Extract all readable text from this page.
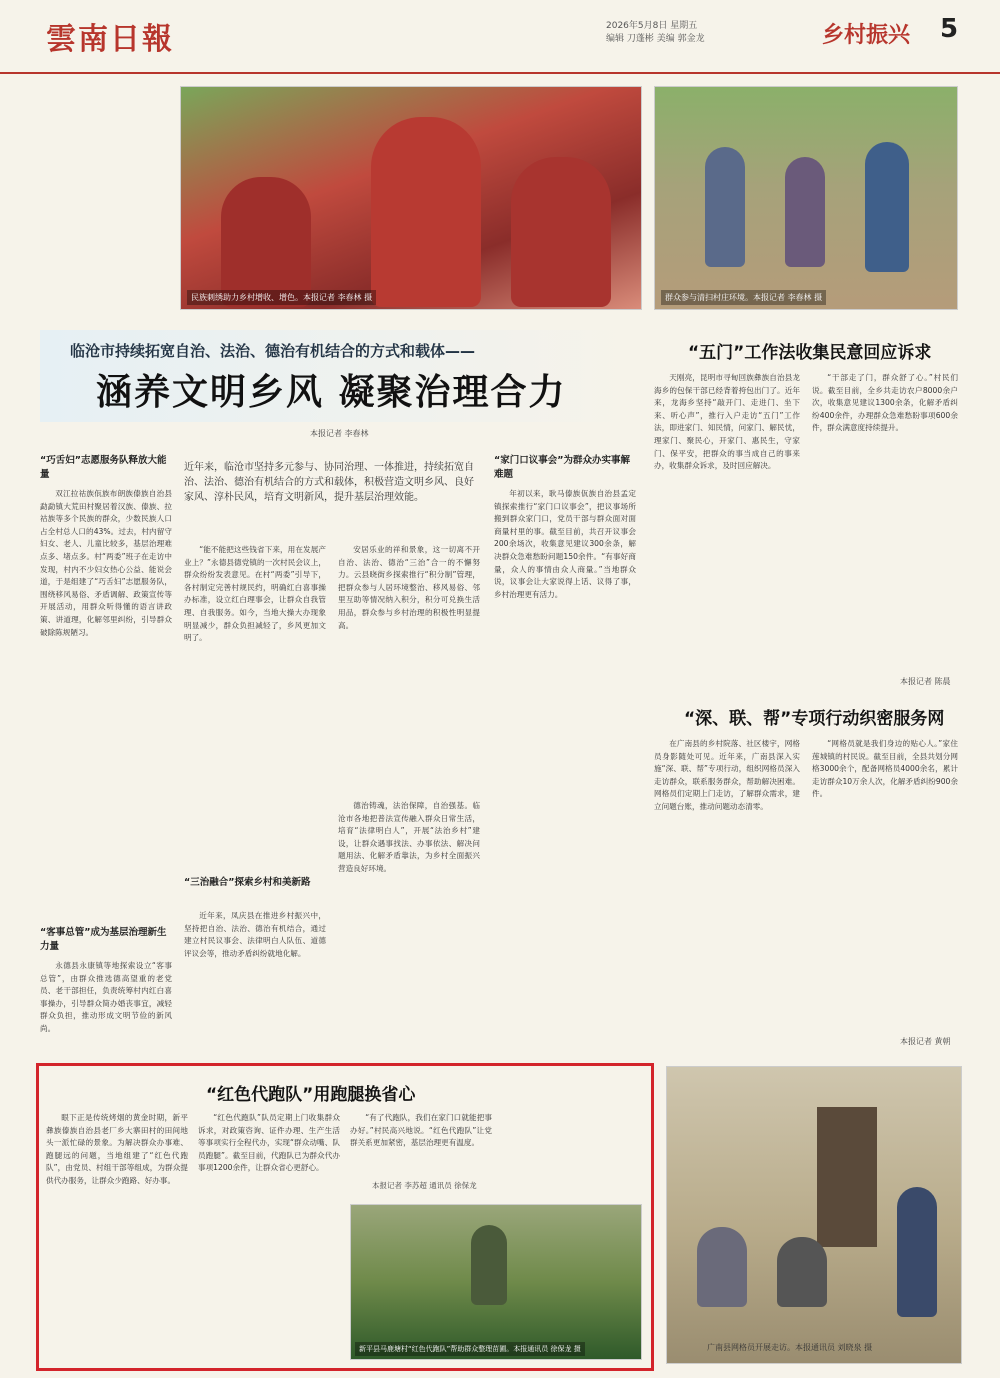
雲南日報	2026年5月8日 星期五
编辑 刀蓬彬 美编 郭金龙	乡村振兴 5
民族刺绣助力乡村增收、增色。本报记者 李春林 摄	群众参与清扫村庄环境。本报记者 李春林 摄
临沧市持续拓宽自治、法治、德治有机结合的方式和载体——
涵养文明乡风 凝聚治理合力
本报记者 李春林
近年来，临沧市坚持多元参与、协同治理、一体推进，持续拓宽自治、法治、德治有机结合的方式和载体，积极营造文明乡风、良好家风、淳朴民风，培育文明新风，提升基层治理效能。
“巧舌妇”志愿服务队释放大能量

双江拉祜族佤族布朗族傣族自治县勐勐镇大荒田村聚居着汉族、傣族、拉祜族等多个民族的群众，少数民族人口占全村总人口的43%。过去，村内留守妇女、老人、儿童比较多，基层治理难点多、堵点多。村“两委”班子在走访中发现，村内不少妇女热心公益、能说会道，于是组建了“巧舌妇”志愿服务队，围绕移风易俗、矛盾调解、政策宣传等开展活动，用群众听得懂的语言讲政策、讲道理，化解邻里纠纷，引导群众破除陈规陋习。

“客事总管”成为基层治理新生力量

永德县永康镇等地探索设立“客事总管”，由群众推选德高望重的老党员、老干部担任，负责统筹村内红白喜事操办，引导群众简办婚丧事宜，减轻群众负担，推动形成文明节俭的新风尚。

“能不能把这些钱省下来，用在发展产业上？”永德县德党镇的一次村民会议上，群众纷纷发表意见。在村“两委”引导下，各村制定完善村规民约，明确红白喜事操办标准，设立红白理事会，让群众自我管理、自我服务。如今，当地大操大办现象明显减少，群众负担减轻了，乡风更加文明了。

“三治融合”探索乡村和美新路

近年来，凤庆县在推进乡村振兴中，坚持把自治、法治、德治有机结合，通过建立村民议事会、法律明白人队伍、道德评议会等，推动矛盾纠纷就地化解。

安居乐业的祥和景象，这一切离不开自治、法治、德治“三治”合一的不懈努力。云县晓街乡探索推行“积分制”管理，把群众参与人居环境整治、移风易俗、邻里互助等情况纳入积分，积分可兑换生活用品，群众参与乡村治理的积极性明显提高。

德治铸魂，法治保障，自治强基。临沧市各地把普法宣传融入群众日常生活，培育“法律明白人”，开展“法治乡村”建设，让群众遇事找法、办事依法、解决问题用法、化解矛盾靠法，为乡村全面振兴营造良好环境。

“家门口议事会”为群众办实事解难题

年初以来，耿马傣族佤族自治县孟定镇探索推行“家门口议事会”，把议事场所搬到群众家门口，党员干部与群众面对面商量村里的事。截至目前，共召开议事会200余场次，收集意见建议300余条，解决群众急难愁盼问题150余件。“有事好商量，众人的事情由众人商量。”当地群众说，议事会让大家说得上话、议得了事，乡村治理更有活力。

“五门”工作法收集民意回应诉求

天刚亮，昆明市寻甸回族彝族自治县龙海乡的包保干部已经背着挎包出门了。近年来，龙海乡坚持“敲开门、走进门、坐下来、听心声”，推行入户走访“五门”工作法，即进家门、知民情，问家门、解民忧，理家门、聚民心，开家门、惠民生，守家门、保平安，把群众的事当成自己的事来办，收集群众诉求，及时回应解决。

“干部走了门，群众舒了心。”村民们说。截至目前，全乡共走访农户8000余户次，收集意见建议1300余条，化解矛盾纠纷400余件，办理群众急难愁盼事项600余件，群众满意度持续提升。

本报记者 陈晨
“深、联、帮”专项行动织密服务网

在广南县的乡村院落、社区楼宇，网格员身影随处可见。近年来，广南县深入实施“深、联、帮”专项行动，组织网格员深入走访群众，联系服务群众，帮助解决困难。网格员们定期上门走访，了解群众需求，建立问题台账，推动问题动态清零。

“网格员就是我们身边的贴心人。”家住莲城镇的村民说。截至目前，全县共划分网格3000余个，配备网格员4000余名，累计走访群众10万余人次，化解矛盾纠纷900余件。

本报记者 黄朝
“红色代跑队”用跑腿换省心

眼下正是传统烤烟的黄金时期，新平彝族傣族自治县老厂乡大寨田村的田间地头一派忙碌的景象。为解决群众办事难、跑腿远的问题，当地组建了“红色代跑队”，由党员、村组干部等组成，为群众提供代办服务，让群众少跑路、好办事。

“红色代跑队”队员定期上门收集群众诉求，对政策咨询、证件办理、生产生活等事项实行全程代办，实现“群众动嘴、队员跑腿”。截至目前，代跑队已为群众代办事项1200余件，让群众省心更舒心。

“有了代跑队，我们在家门口就能把事办好。”村民高兴地说。“红色代跑队”让党群关系更加紧密，基层治理更有温度。

本报记者 李苏超 通讯员 徐保龙
新平县马鹿塘村“红色代跑队”帮助群众整理苗圃。本报通讯员 徐保龙 摄	广南县网格员开展走访。本报通讯员 刘晓泉 摄
